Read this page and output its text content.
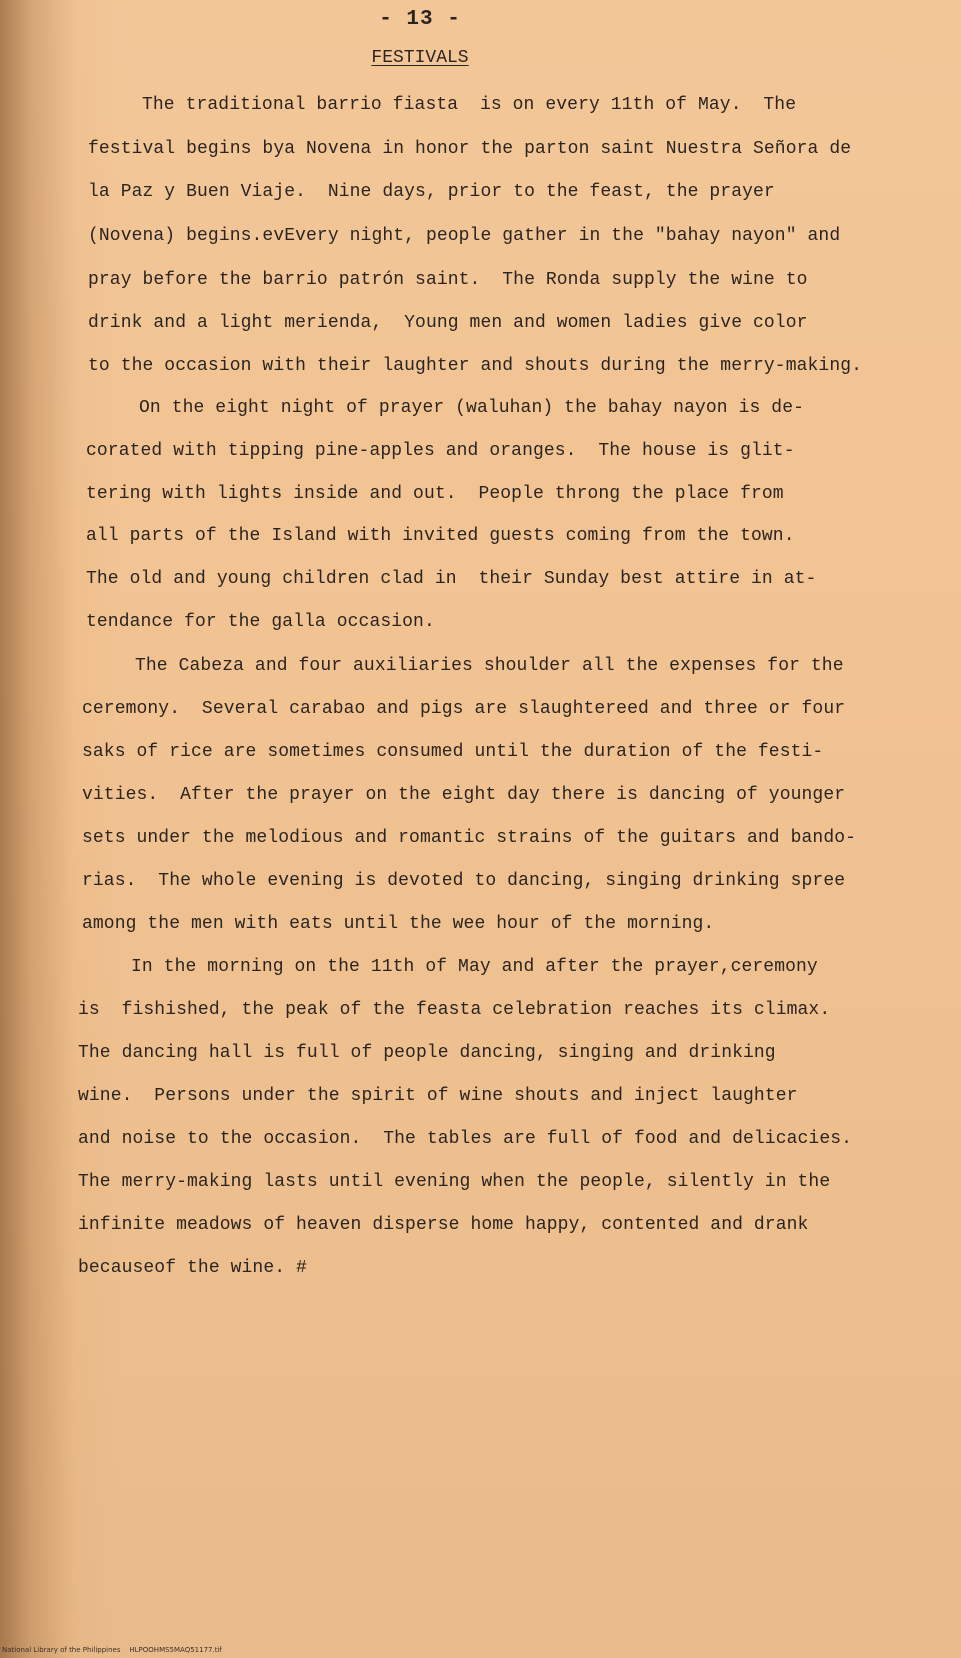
- 13 -
FESTIVALS
The traditional barrio fiasta  is on every 11th of May.  The
festival begins bya Novena in honor the parton saint Nuestra Señora de
la Paz y Buen Viaje.  Nine days, prior to the feast, the prayer
(Novena) begins.evEvery night, people gather in the "bahay nayon" and
pray before the barrio patrón saint.  The Ronda supply the wine to
drink and a light merienda,  Young men and women ladies give color
to the occasion with their laughter and shouts during the merry-making.
On the eight night of prayer (waluhan) the bahay nayon is de-
corated with tipping pine-apples and oranges.  The house is glit-
tering with lights inside and out.  People throng the place from
all parts of the Island with invited guests coming from the town.
The old and young children clad in  their Sunday best attire in at-
tendance for the galla occasion.
The Cabeza and four auxiliaries shoulder all the expenses for the
ceremony.  Several carabao and pigs are slaughtereed and three or four
saks of rice are sometimes consumed until the duration of the festi-
vities.  After the prayer on the eight day there is dancing of younger
sets under the melodious and romantic strains of the guitars and bando-
rias.  The whole evening is devoted to dancing, singing drinking spree
among the men with eats until the wee hour of the morning.
In the morning on the 11th of May and after the prayer,ceremony
is  fishished, the peak of the feasta celebration reaches its climax.
The dancing hall is full of people dancing, singing and drinking
wine.  Persons under the spirit of wine shouts and inject laughter
and noise to the occasion.  The tables are full of food and delicacies.
The merry-making lasts until evening when the people, silently in the
infinite meadows of heaven disperse home happy, contented and drank
becauseof the wine. #
National Library of the Philippines    HLPOOHMS5MAQ51177.tif
